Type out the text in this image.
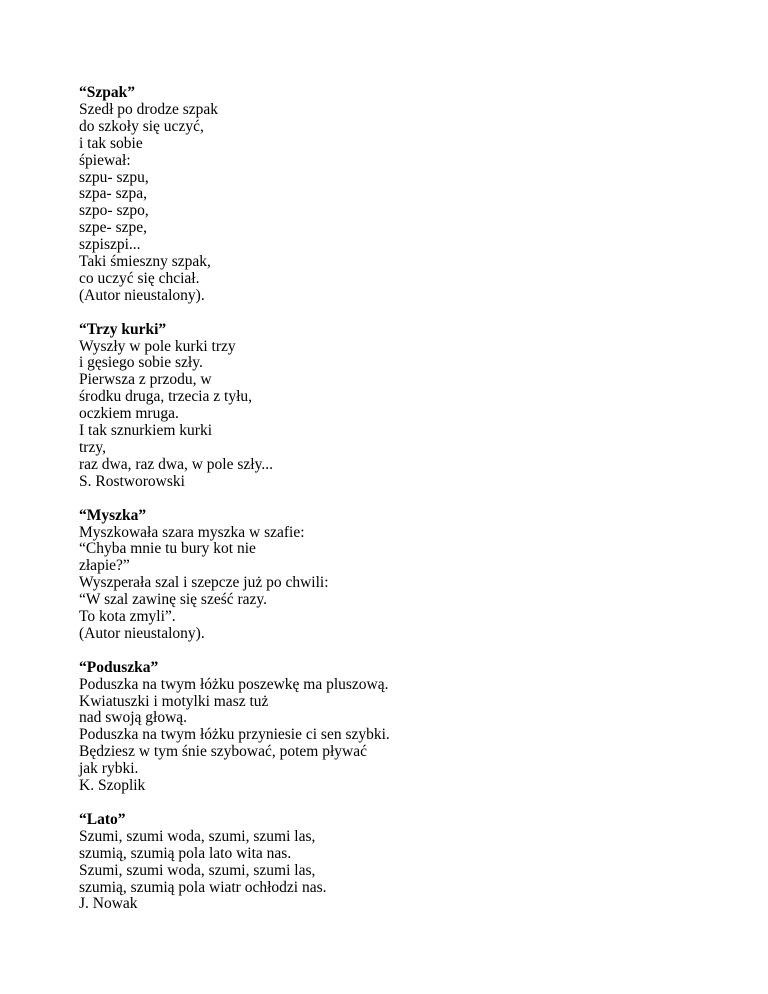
“Szpak”
Szedł po drodze szpak
do szkoły się uczyć,
i tak sobie
śpiewał:
szpu- szpu,
szpa- szpa,
szpo- szpo,
szpe- szpe,
szpiszpi...
Taki śmieszny szpak,
co uczyć się chciał.
(Autor nieustalony).
“Trzy kurki”
Wyszły w pole kurki trzy
i gęsiego sobie szły.
Pierwsza z przodu, w
środku druga, trzecia z tyłu,
oczkiem mruga.
I tak sznurkiem kurki
trzy,
raz dwa, raz dwa, w pole szły...
S. Rostworowski
“Myszka”
Myszkowała szara myszka w szafie:
“Chyba mnie tu bury kot nie
złapie?”
Wyszperała szal i szepcze już po chwili:
“W szal zawinę się sześć razy.
To kota zmyli”.
(Autor nieustalony).
“Poduszka”
Poduszka na twym łóżku poszewkę ma pluszową.
Kwiatuszki i motylki masz tuż
nad swoją głową.
Poduszka na twym łóżku przyniesie ci sen szybki.
Będziesz w tym śnie szybować, potem pływać
jak rybki.
K. Szoplik
“Lato”
Szumi, szumi woda, szumi, szumi las,
szumią, szumią pola lato wita nas.
Szumi, szumi woda, szumi, szumi las,
szumią, szumią pola wiatr ochłodzi nas.
J. Nowak
